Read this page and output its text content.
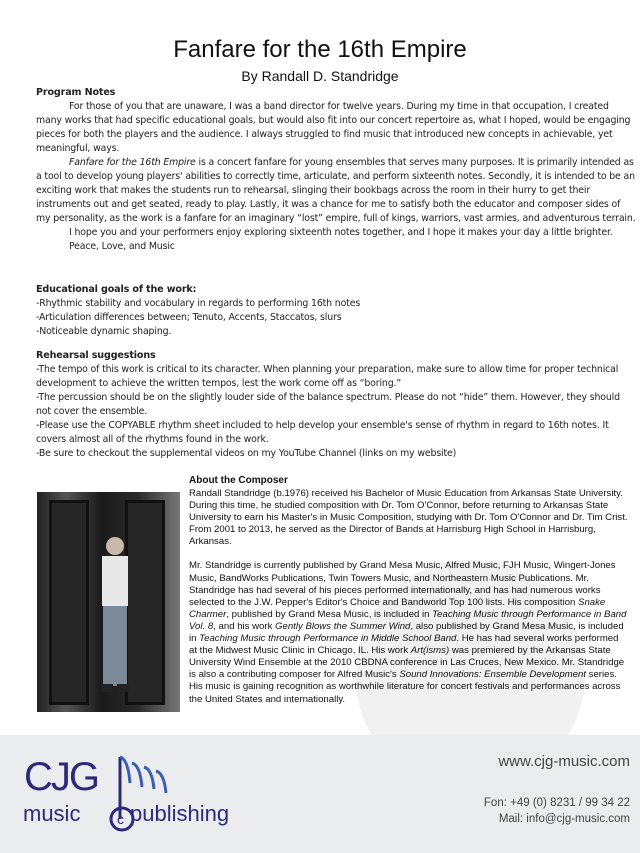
Fanfare for the 16th Empire
By Randall D. Standridge
Program Notes

For those of you that are unaware, I was a band director for twelve years. During my time in that occupation, I created many works that had specific educational goals, but would also fit into our concert repertoire as, what I hoped, would be engaging pieces for both the players and the audience. I always struggled to find music that introduced new concepts in achievable, yet meaningful, ways.

Fanfare for the 16th Empire is a concert fanfare for young ensembles that serves many purposes. It is primarily intended as a tool to develop young players' abilities to correctly time, articulate, and perform sixteenth notes. Secondly, it is intended to be an exciting work that makes the students run to rehearsal, slinging their bookbags across the room in their hurry to get their instruments out and get seated, ready to play. Lastly, it was a chance for me to satisfy both the educator and composer sides of my personality, as the work is a fanfare for an imaginary “lost” empire, full of kings, warriors, vast armies, and adventurous terrain.

I hope you and your performers enjoy exploring sixteenth notes together, and I hope it makes your day a little brighter.

Peace, Love, and Music

Educational goals of the work:

-Rhythmic stability and vocabulary in regards to performing 16th notes

-Articulation differences between; Tenuto, Accents, Staccatos, slurs

-Noticeable dynamic shaping.

Rehearsal suggestions

-The tempo of this work is critical to its character. When planning your preparation, make sure to allow time for proper technical development to achieve the written tempos, lest the work come off as “boring.”

-The percussion should be on the slightly louder side of the balance spectrum. Please do not “hide” them. However, they should not cover the ensemble.

-Please use the COPYABLE rhythm sheet included to help develop your ensemble's sense of rhythm in regard to 16th notes. It covers almost all of the rhythms found in the work.

-Be sure to checkout the supplemental videos on my YouTube Channel (links on my website)

About the Composer

Randall Standridge (b.1976) received his Bachelor of Music Education from Arkansas State University. During this time, he studied composition with Dr. Tom O'Connor, before returning to Arkansas State University to earn his Master's in Music Composition, studying with Dr. Tom O'Connor and Dr. Tim Crist. From 2001 to 2013, he served as the Director of Bands at Harrisburg High School in Harrisburg, Arkansas.

Mr. Standridge is currently published by Grand Mesa Music, Alfred Music, FJH Music, Wingert-Jones Music, BandWorks Publications, Twin Towers Music, and Northeastern Music Publications. Mr. Standridge has had several of his pieces performed internationally, and has had numerous works selected to the J.W. Pepper's Editor's Choice and Bandworld Top 100 lists. His composition Snake Charmer, published by Grand Mesa Music, is included in Teaching Music through Performance in Band Vol. 8, and his work Gently Blows the Summer Wind, also published by Grand Mesa Music, is included in Teaching Music through Performance in Middle School Band. He has had several works performed at the Midwest Music Clinic in Chicago, IL. His work Art(isms) was premiered by the Arkansas State University Wind Ensemble at the 2010 CBDNA conference in Las Cruces, New Mexico. Mr. Standridge is also a contributing composer for Alfred Music's Sound Innovations: Ensemble Development series. His music is gaining recognition as worthwhile literature for concert festivals and performances across the United States and internationally.

CJG
c
music publishing
www.cjg-music.com
Fon: +49 (0) 8231 / 99 34 22
Mail: info@cjg-music.com
